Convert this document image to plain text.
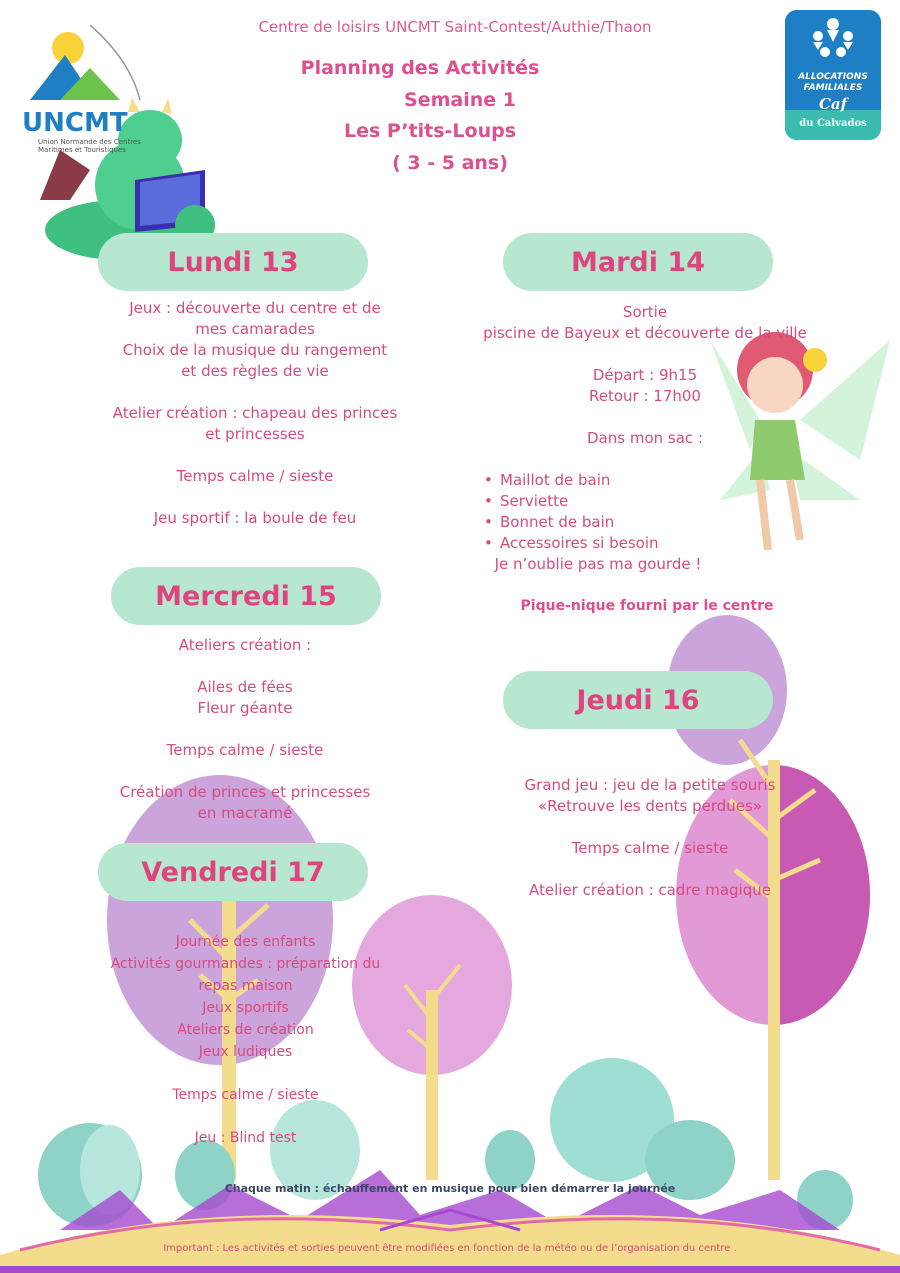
UNCMT
Union Normande des Centres Maritimes et Touristiques
ALLOCATIONS
FAMILIALES
Caf
du Calvados
Centre de loisirs UNCMT Saint-Contest/Authie/Thaon
Planning des Activités
Semaine 1
Les P’tits-Loups
( 3 - 5 ans)
Lundi 13

Jeux : découverte du centre et de

mes camarades

Choix de la musique du rangement

et des règles de vie

Atelier création : chapeau des princes

et princesses

Temps calme / sieste

Jeu sportif : la boule de feu

Mardi 14

Sortie

piscine de Bayeux et découverte de la ville

Départ : 9h15

Retour : 17h00

Dans mon sac :

• Maillot de bain
• Serviette
• Bonnet de bain
• Accessoires si besoin
Je n’oublie pas ma gourde !
Pique-nique fourni par le centre
Mercredi 15

Ateliers création :

Ailes de fées

Fleur géante

Temps calme / sieste

Création de princes et princesses

en macramé

Jeudi 16

Grand jeu : jeu de la petite souris

«Retrouve les dents perdues»

Temps calme / sieste

Atelier création : cadre magique

Vendredi 17

Journée des enfants

Activités gourmandes : préparation du

repas maison

Jeux sportifs

Ateliers de création

Jeux ludiques

Temps calme / sieste

Jeu : Blind test

Chaque matin : échauffement en musique pour bien démarrer la journée
Important : Les activités et sorties peuvent être modifiées en fonction de la météo ou de l’organisation du centre .
